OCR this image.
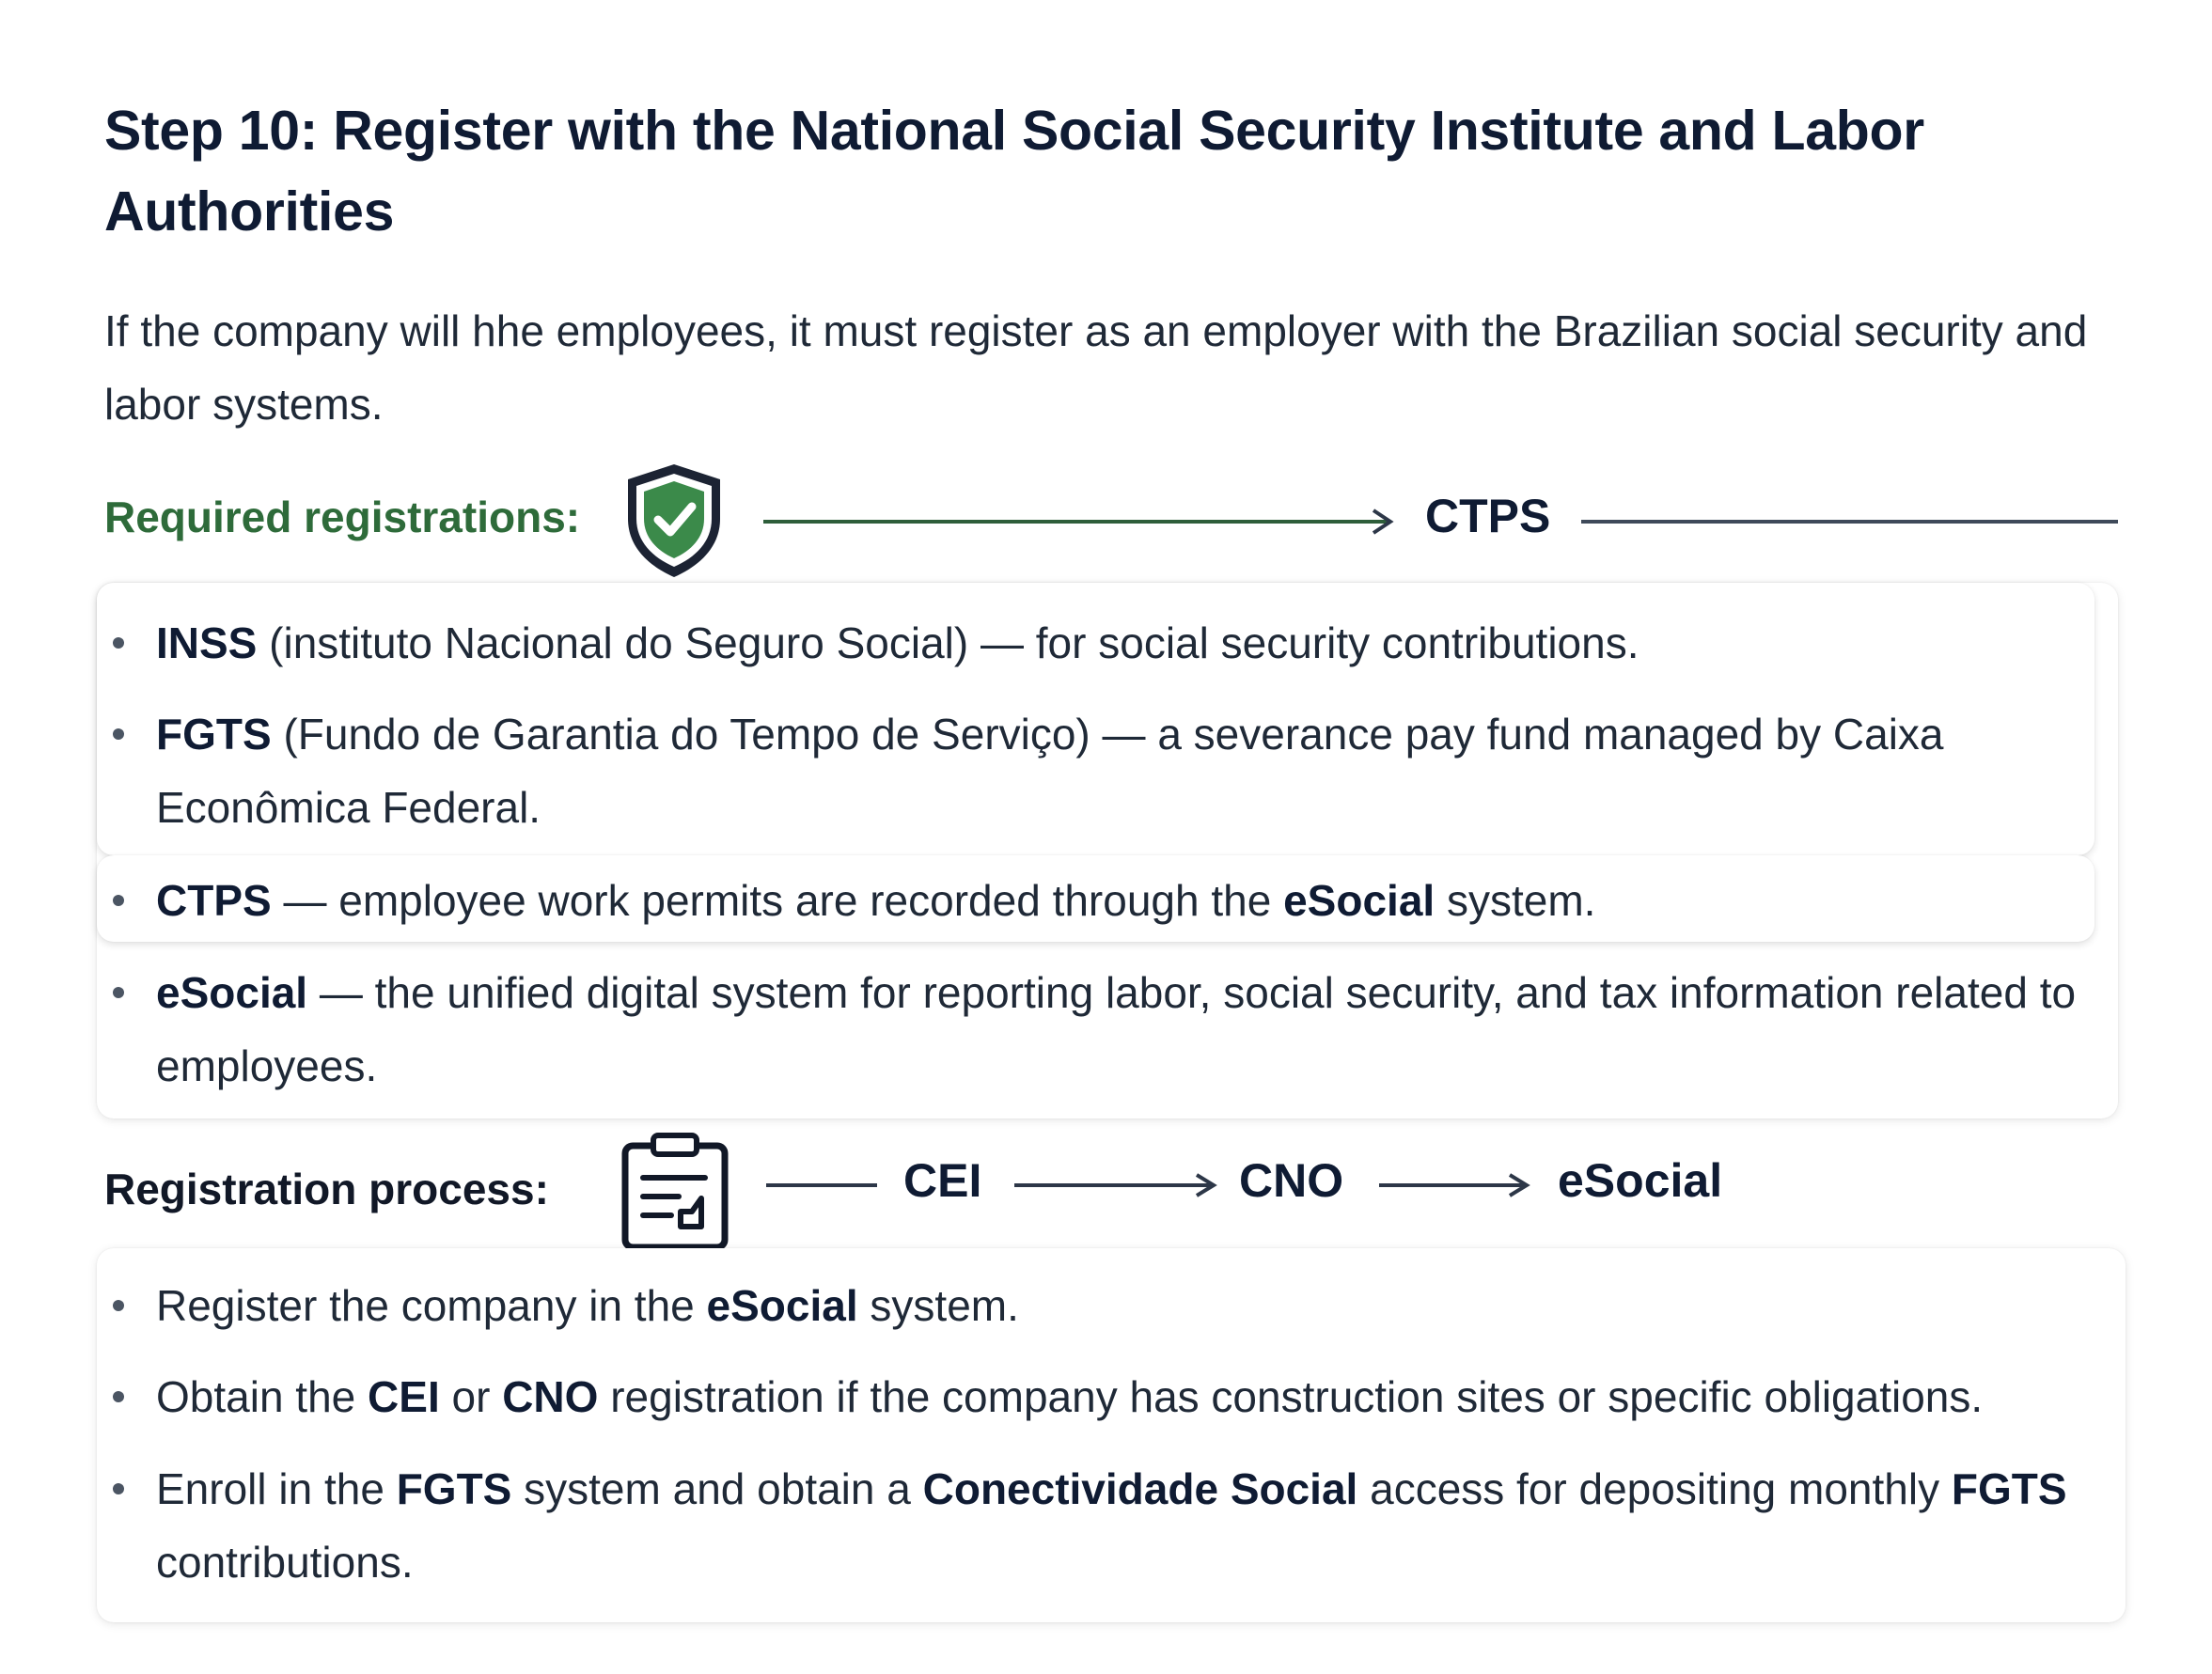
Step 10: Register with the National Social Security Institute and Labor Authorities

If the company will hhe employees, it must register as an employer with the Brazilian social security and labor systems.

Required registrations:	CTPS
INSS (instituto Nacional do Seguro Social) — for social security contributions.
FGTS (Fundo de Garantia do Tempo de Serviço) — a severance pay fund managed by Caixa Econômica Federal.
CTPS — employee work permits are recorded through the eSocial system.
eSocial — the unified digital system for reporting labor, social security, and tax information related to employees.
Registration process:	CEI	CNO	eSocial
Register the company in the eSocial system.
Obtain the CEI or CNO registration if the company has construction sites or specific obligations.
Enroll in the FGTS system and obtain a Conectividade Social access for depositing monthly FGTS contributions.
